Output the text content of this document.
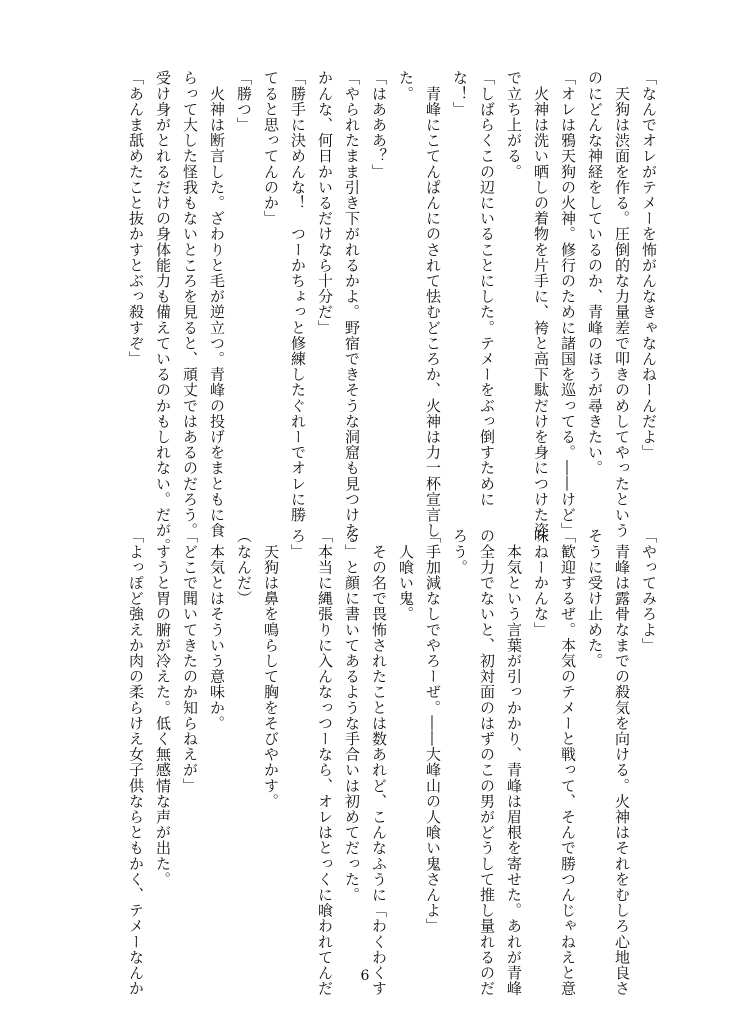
「なんでオレがテメーを怖がんなきゃなんねーんだよ」
　天狗は渋面を作る。圧倒的な力量差で叩きのめしてやったという
のにどんな神経をしているのか、青峰のほうが尋きたい。
「オレは鴉天狗の火神。修行のために諸国を巡ってる。――けど」
　火神は洗い晒しの着物を片手に、袴と高下駄だけを身につけた姿
で立ち上がる。
「しばらくこの辺にいることにした。テメーをぶっ倒すために
な！」
　青峰にこてんぱんにのされて怯むどころか、火神は力一杯宣言し
た。
「はあああ？」
「やられたまま引き下がれるかよ。野宿できそうな洞窟も見つけた
かんな、何日かいるだけなら十分だ」
「勝手に決めんな！　つーかちょっと修練したぐれーでオレに勝
てると思ってんのか」
「勝つ」
　火神は断言した。ざわりと毛が逆立つ。青峰の投げをまともに食
らって大した怪我もないところを見ると、頑丈ではあるのだろう。
受け身がとれるだけの身体能力も備えているのかもしれない。だが。
「あんま舐めたこと抜かすとぶっ殺すぞ」
「やってみろよ」
　青峰は露骨なまでの殺気を向ける。火神はそれをむしろ心地良さ
そうに受け止めた。
「歓迎するぜ。本気のテメーと戦って、そんで勝つんじゃねえと意
味ねーかんな」
　本気という言葉が引っかかり、青峰は眉根を寄せた。あれが青峰
の全力でないと、初対面のはずのこの男がどうして推し量れるのだ
ろう。
「手加減なしでやろーぜ。――大峰山の人喰い鬼さんよ」
　人喰い鬼。
　その名で畏怖されたことは数あれど、こんなふうに「わくわくす
る」と顔に書いてあるような手合いは初めてだった。
「本当に縄張りに入んなっつーなら、オレはとっくに喰われてんだ
ろ」
　天狗は鼻を鳴らして胸をそびやかす。
（なんだ）
　本気とはそういう意味か。
「どこで聞いてきたのか知らねえが」
　すうと胃の腑が冷えた。低く無感情な声が出た。
「よっぽど強えか肉の柔らけえ女子供ならともかく、テメーなんか	6
